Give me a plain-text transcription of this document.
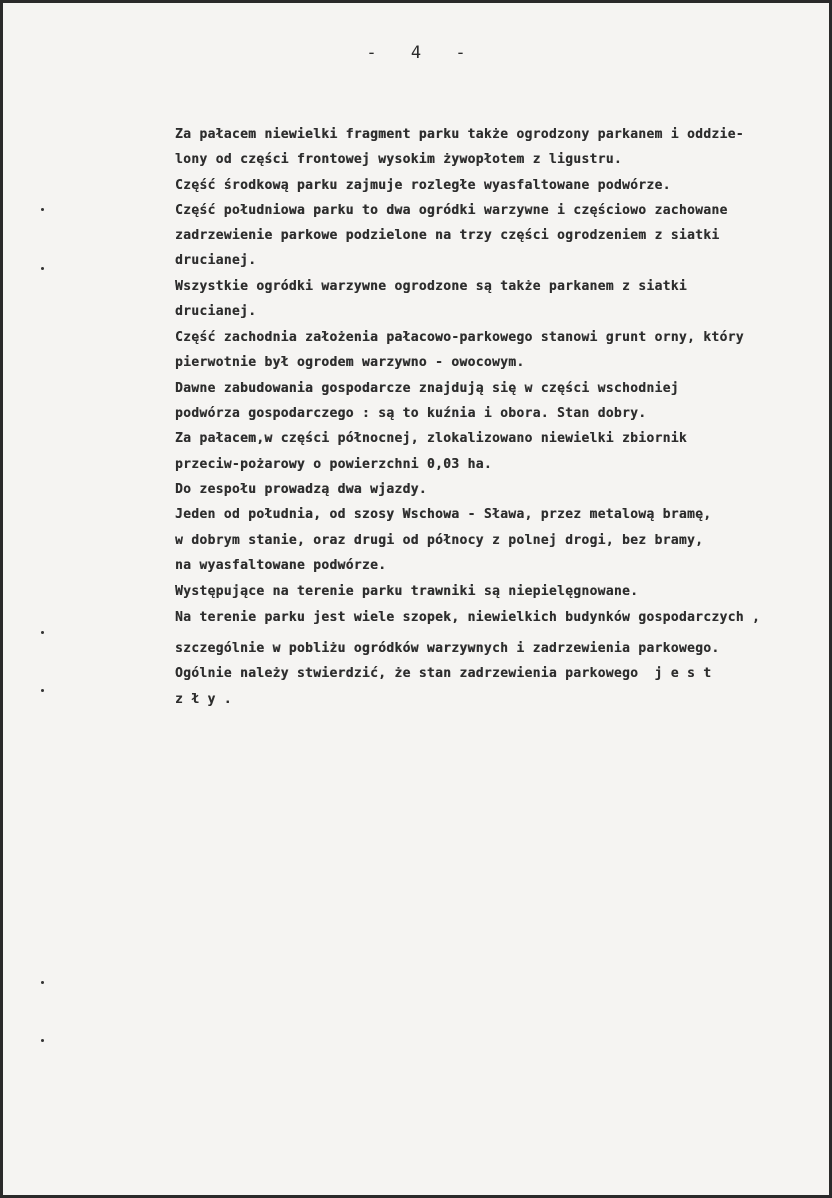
- 4 -
Za pałacem niewielki fragment parku także ogrodzony parkanem i oddzie-
lony od części frontowej wysokim żywopłotem z ligustru.
Część środkową parku zajmuje rozległe wyasfaltowane podwórze.
Część południowa parku to dwa ogródki warzywne i częściowo zachowane
zadrzewienie parkowe podzielone na trzy części ogrodzeniem z siatki
drucianej.
Wszystkie ogródki warzywne ogrodzone są także parkanem z siatki
drucianej.
Część zachodnia założenia pałacowo-parkowego stanowi grunt orny, który
pierwotnie był ogrodem warzywno - owocowym.
Dawne zabudowania gospodarcze znajdują się w części wschodniej
podwórza gospodarczego : są to kuźnia i obora. Stan dobry.
Za pałacem,w części północnej, zlokalizowano niewielki zbiornik
przeciw-pożarowy o powierzchni 0,03 ha.
Do zespołu prowadzą dwa wjazdy.
Jeden od południa, od szosy Wschowa - Sława, przez metalową bramę,
w dobrym stanie, oraz drugi od północy z polnej drogi, bez bramy,
na wyasfaltowane podwórze.
Występujące na terenie parku trawniki są niepielęgnowane.
Na terenie parku jest wiele szopek, niewielkich budynków gospodarczych ,
szczególnie w pobliżu ogródków warzywnych i zadrzewienia parkowego.
Ogólnie należy stwierdzić, że stan zadrzewienia parkowego  j e s t
z ł y .
